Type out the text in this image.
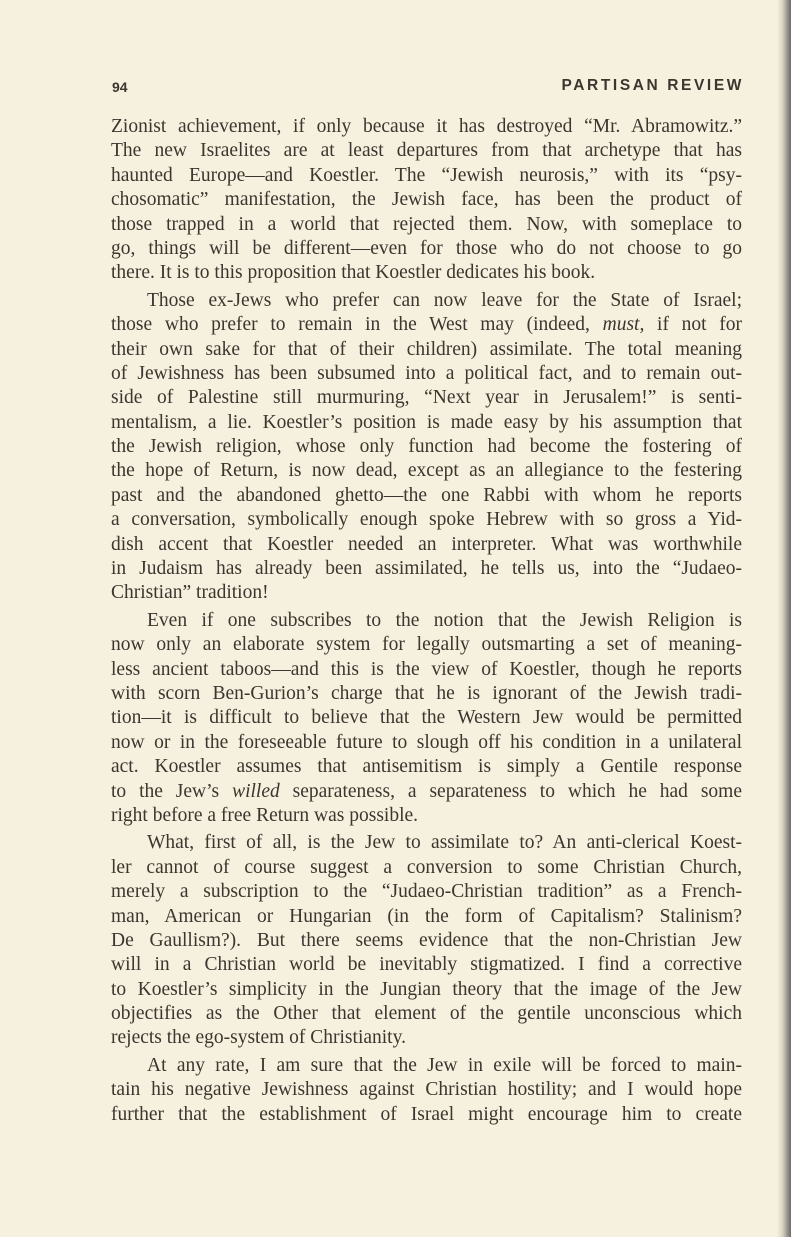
94	PARTISAN REVIEW
Zionist achievement, if only because it has destroyed “Mr. Abramowitz.”
The new Israelites are at least departures from that archetype that has
haunted Europe—and Koestler. The “Jewish neurosis,” with its “psy-
chosomatic” manifestation, the Jewish face, has been the product of
those trapped in a world that rejected them. Now, with someplace to
go, things will be different—even for those who do not choose to go
there. It is to this proposition that Koestler dedicates his book.
Those ex-Jews who prefer can now leave for the State of Israel;
those who prefer to remain in the West may (indeed, must, if not for
their own sake for that of their children) assimilate. The total meaning
of Jewishness has been subsumed into a political fact, and to remain out-
side of Palestine still murmuring, “Next year in Jerusalem!” is senti-
mentalism, a lie. Koestler’s position is made easy by his assumption that
the Jewish religion, whose only function had become the fostering of
the hope of Return, is now dead, except as an allegiance to the festering
past and the abandoned ghetto—the one Rabbi with whom he reports
a conversation, symbolically enough spoke Hebrew with so gross a Yid-
dish accent that Koestler needed an interpreter. What was worthwhile
in Judaism has already been assimilated, he tells us, into the “Judaeo-
Christian” tradition!
Even if one subscribes to the notion that the Jewish Religion is
now only an elaborate system for legally outsmarting a set of meaning-
less ancient taboos—and this is the view of Koestler, though he reports
with scorn Ben-Gurion’s charge that he is ignorant of the Jewish tradi-
tion—it is difficult to believe that the Western Jew would be permitted
now or in the foreseeable future to slough off his condition in a unilateral
act. Koestler assumes that antisemitism is simply a Gentile response
to the Jew’s willed separateness, a separateness to which he had some
right before a free Return was possible.
What, first of all, is the Jew to assimilate to? An anti-clerical Koest-
ler cannot of course suggest a conversion to some Christian Church,
merely a subscription to the “Judaeo-Christian tradition” as a French-
man, American or Hungarian (in the form of Capitalism? Stalinism?
De Gaullism?). But there seems evidence that the non-Christian Jew
will in a Christian world be inevitably stigmatized. I find a corrective
to Koestler’s simplicity in the Jungian theory that the image of the Jew
objectifies as the Other that element of the gentile unconscious which
rejects the ego-system of Christianity.
At any rate, I am sure that the Jew in exile will be forced to main-
tain his negative Jewishness against Christian hostility; and I would hope
further that the establishment of Israel might encourage him to create
